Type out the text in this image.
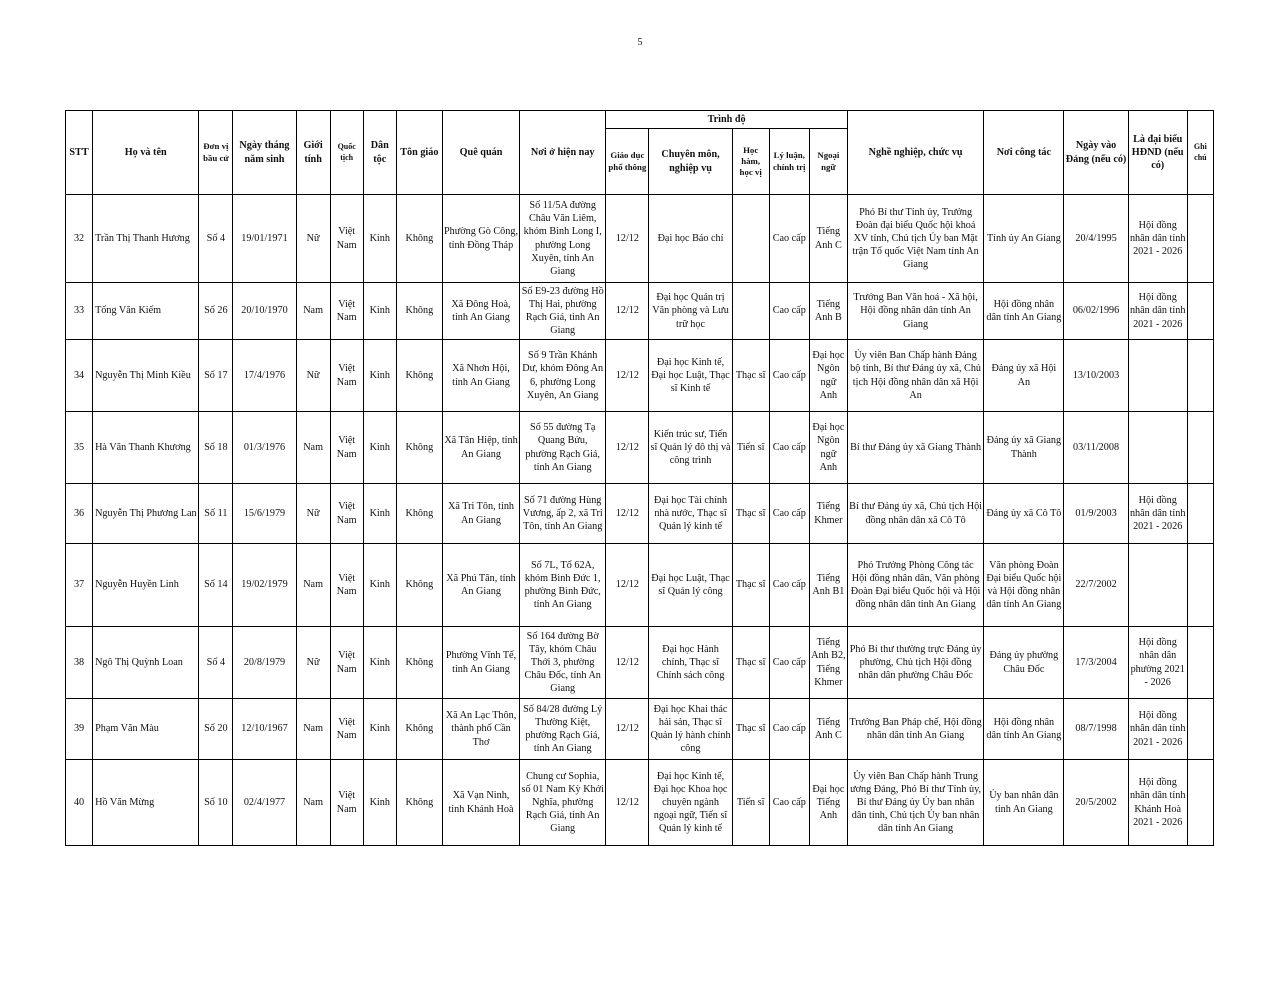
5
STT	Họ và tên	Đơn vị bầu cử	Ngày tháng năm sinh	Giới tính	Quốc tịch	Dân tộc	Tôn giáo	Quê quán	Nơi ở hiện nay	Trình độ					Nghề nghiệp, chức vụ	Nơi công tác	Ngày vào Đảng (nếu có)	Là đại biểu HĐND (nếu có)	Ghi chú
										Giáo dục phổ thông	Chuyên môn, nghiệp vụ	Học hàm, học vị	Lý luận, chính trị	Ngoại ngữ					
32	Trần Thị Thanh Hương	Số 4	19/01/1971	Nữ	Việt Nam	Kinh	Không	Phường Gò Công, tỉnh Đồng Tháp	Số 11/5A đường Châu Văn Liêm, khóm Bình Long I, phường Long Xuyên, tỉnh An Giang	12/12	Đại học Báo chí		Cao cấp	Tiếng Anh C	Phó Bí thư Tỉnh ủy, Trưởng Đoàn đại biểu Quốc hội khoá XV tỉnh, Chủ tịch Ủy ban Mặt trận Tổ quốc Việt Nam tỉnh An Giang	Tỉnh ủy An Giang	20/4/1995	Hội đồng nhân dân tỉnh 2021 - 2026	
33	Tống Văn Kiếm	Số 26	20/10/1970	Nam	Việt Nam	Kinh	Không	Xã Đông Hoà, tỉnh An Giang	Số E9-23 đường Hồ Thị Hai, phường Rạch Giá, tỉnh An Giang	12/12	Đại học Quản trị Văn phòng và Lưu trữ học		Cao cấp	Tiếng Anh B	Trưởng Ban Văn hoá - Xã hội, Hội đồng nhân dân tỉnh An Giang	Hội đồng nhân dân tỉnh An Giang	06/02/1996	Hội đồng nhân dân tỉnh 2021 - 2026	
34	Nguyễn Thị Minh Kiều	Số 17	17/4/1976	Nữ	Việt Nam	Kinh	Không	Xã Nhơn Hội, tỉnh An Giang	Số 9 Trần Khánh Dư, khóm Đông An 6, phường Long Xuyên, An Giang	12/12	Đại học Kinh tế, Đại học Luật, Thạc sĩ Kinh tế	Thạc sĩ	Cao cấp	Đại học Ngôn ngữ Anh	Ủy viên Ban Chấp hành Đảng bộ tỉnh, Bí thư Đảng ủy xã, Chủ tịch Hội đồng nhân dân xã Hội An	Đảng ủy xã Hội An	13/10/2003		
35	Hà Văn Thanh Khương	Số 18	01/3/1976	Nam	Việt Nam	Kinh	Không	Xã Tân Hiệp, tỉnh An Giang	Số 55 đường Tạ Quang Bửu, phường Rạch Giá, tỉnh An Giang	12/12	Kiến trúc sư, Tiến sĩ Quản lý đô thị và công trình	Tiến sĩ	Cao cấp	Đại học Ngôn ngữ Anh	Bí thư Đảng ủy xã Giang Thành	Đảng ủy xã Giang Thành	03/11/2008		
36	Nguyễn Thị Phương Lan	Số 11	15/6/1979	Nữ	Việt Nam	Kinh	Không	Xã Tri Tôn, tỉnh An Giang	Số 71 đường Hùng Vương, ấp 2, xã Tri Tôn, tỉnh An Giang	12/12	Đại học Tài chính nhà nước, Thạc sĩ Quản lý kinh tế	Thạc sĩ	Cao cấp	Tiếng Khmer	Bí thư Đảng ủy xã, Chủ tịch Hội đồng nhân dân xã Cô Tô	Đảng ủy xã Cô Tô	01/9/2003	Hội đồng nhân dân tỉnh 2021 - 2026	
37	Nguyễn Huyền Linh	Số 14	19/02/1979	Nam	Việt Nam	Kinh	Không	Xã Phú Tân, tỉnh An Giang	Số 7L, Tổ 62A, khóm Bình Đức 1, phường Bình Đức, tỉnh An Giang	12/12	Đại học Luật, Thạc sĩ Quản lý công	Thạc sĩ	Cao cấp	Tiếng Anh B1	Phó Trưởng Phòng Công tác Hội đồng nhân dân, Văn phòng Đoàn Đại biểu Quốc hội và Hội đồng nhân dân tỉnh An Giang	Văn phòng Đoàn Đại biểu Quốc hội và Hội đồng nhân dân tỉnh An Giang	22/7/2002		
38	Ngô Thị Quỳnh Loan	Số 4	20/8/1979	Nữ	Việt Nam	Kinh	Không	Phường Vĩnh Tế, tỉnh An Giang	Số 164 đường Bờ Tây, khóm Châu Thới 3, phường Châu Đốc, tỉnh An Giang	12/12	Đại học Hành chính, Thạc sĩ Chính sách công	Thạc sĩ	Cao cấp	Tiếng Anh B2, Tiếng Khmer	Phó Bí thư thường trực Đảng ủy phường, Chủ tịch Hội đồng nhân dân phường Châu Đốc	Đảng ủy phường Châu Đốc	17/3/2004	Hội đồng nhân dân phường 2021 - 2026	
39	Phạm Văn Màu	Số 20	12/10/1967	Nam	Việt Nam	Kinh	Không	Xã An Lạc Thôn, thành phố Cần Thơ	Số 84/28 đường Lý Thường Kiệt, phường Rạch Giá, tỉnh An Giang	12/12	Đại học Khai thác hải sản, Thạc sĩ Quản lý hành chính công	Thạc sĩ	Cao cấp	Tiếng Anh C	Trưởng Ban Pháp chế, Hội đồng nhân dân tỉnh An Giang	Hội đồng nhân dân tỉnh An Giang	08/7/1998	Hội đồng nhân dân tỉnh 2021 - 2026	
40	Hồ Văn Mừng	Số 10	02/4/1977	Nam	Việt Nam	Kinh	Không	Xã Vạn Ninh, tỉnh Khánh Hoà	Chung cư Sophia, số 01 Nam Kỳ Khởi Nghĩa, phường Rạch Giá, tỉnh An Giang	12/12	Đại học Kinh tế, Đại học Khoa học chuyên ngành ngoại ngữ, Tiến sĩ Quản lý kinh tế	Tiến sĩ	Cao cấp	Đại học Tiếng Anh	Ủy viên Ban Chấp hành Trung ương Đảng, Phó Bí thư Tỉnh ủy, Bí thư Đảng ủy Ủy ban nhân dân tỉnh, Chủ tịch Ủy ban nhân dân tỉnh An Giang	Ủy ban nhân dân tỉnh An Giang	20/5/2002	Hội đồng nhân dân tỉnh Khánh Hoà 2021 - 2026	
